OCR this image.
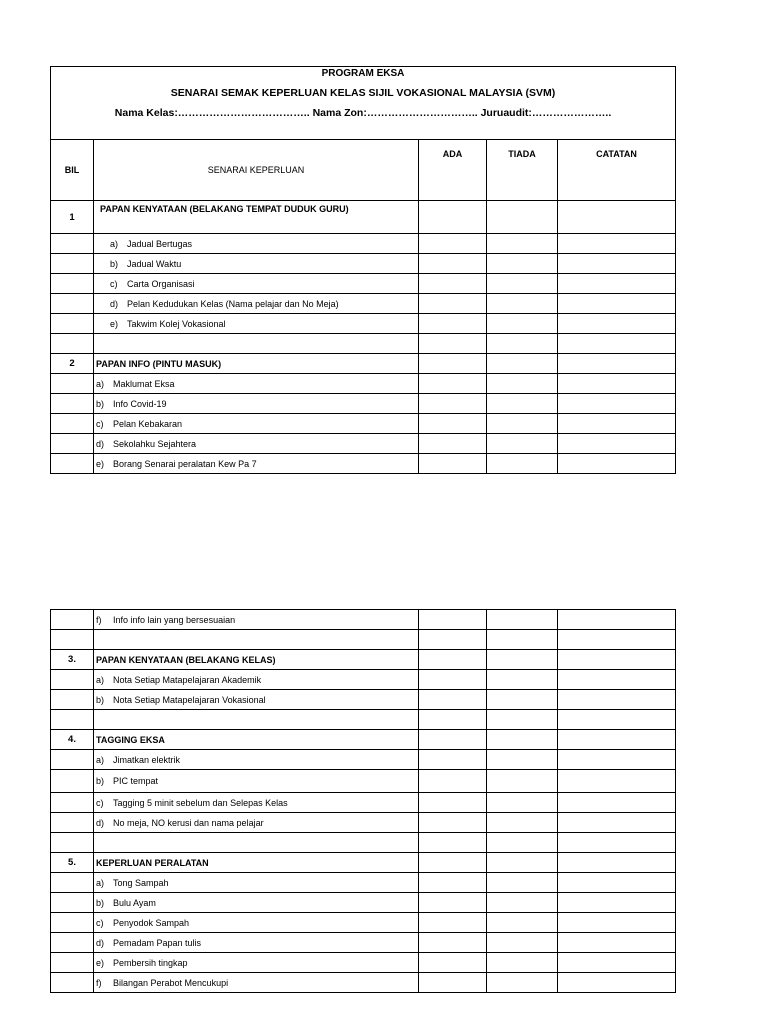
PROGRAM EKSA
SENARAI SEMAK KEPERLUAN KELAS SIJIL VOKASIONAL MALAYSIA (SVM)
Nama Kelas:……………………………….. Nama Zon:………………………….. Juruaudit:…………………..				

BIL	SENARAI KEPERLUAN	ADA	TIADA	CATATAN
1	PAPAN KENYATAAN (BELAKANG TEMPAT DUDUK GURU)			
	a) Jadual Bertugas			
	b) Jadual Waktu			
	c) Carta Organisasi			
	d) Pelan Kedudukan Kelas (Nama pelajar dan No Meja)			
	e) Takwim Kolej Vokasional			

2	PAPAN INFO (PINTU MASUK)			
	a) Maklumat Eksa			
	b) Info Covid-19			
	c) Pelan Kebakaran			
	d) Sekolahku Sejahtera			
	e) Borang Senarai peralatan Kew Pa 7			
	f) Info info lain yang bersesuaian			

3.	PAPAN KENYATAAN (BELAKANG KELAS)			
	a) Nota Setiap Matapelajaran Akademik			
	b) Nota Setiap Matapelajaran Vokasional			

4.	TAGGING EKSA			
	a) Jimatkan elektrik			
	b) PIC tempat			
	c) Tagging 5 minit sebelum dan Selepas Kelas			
	d) No meja, NO kerusi dan nama pelajar			

5.	KEPERLUAN PERALATAN			
	a) Tong Sampah			
	b) Bulu Ayam			
	c) Penyodok Sampah			
	d) Pemadam Papan tulis			
	e) Pembersih tingkap			
	f) Bilangan Perabot Mencukupi			
